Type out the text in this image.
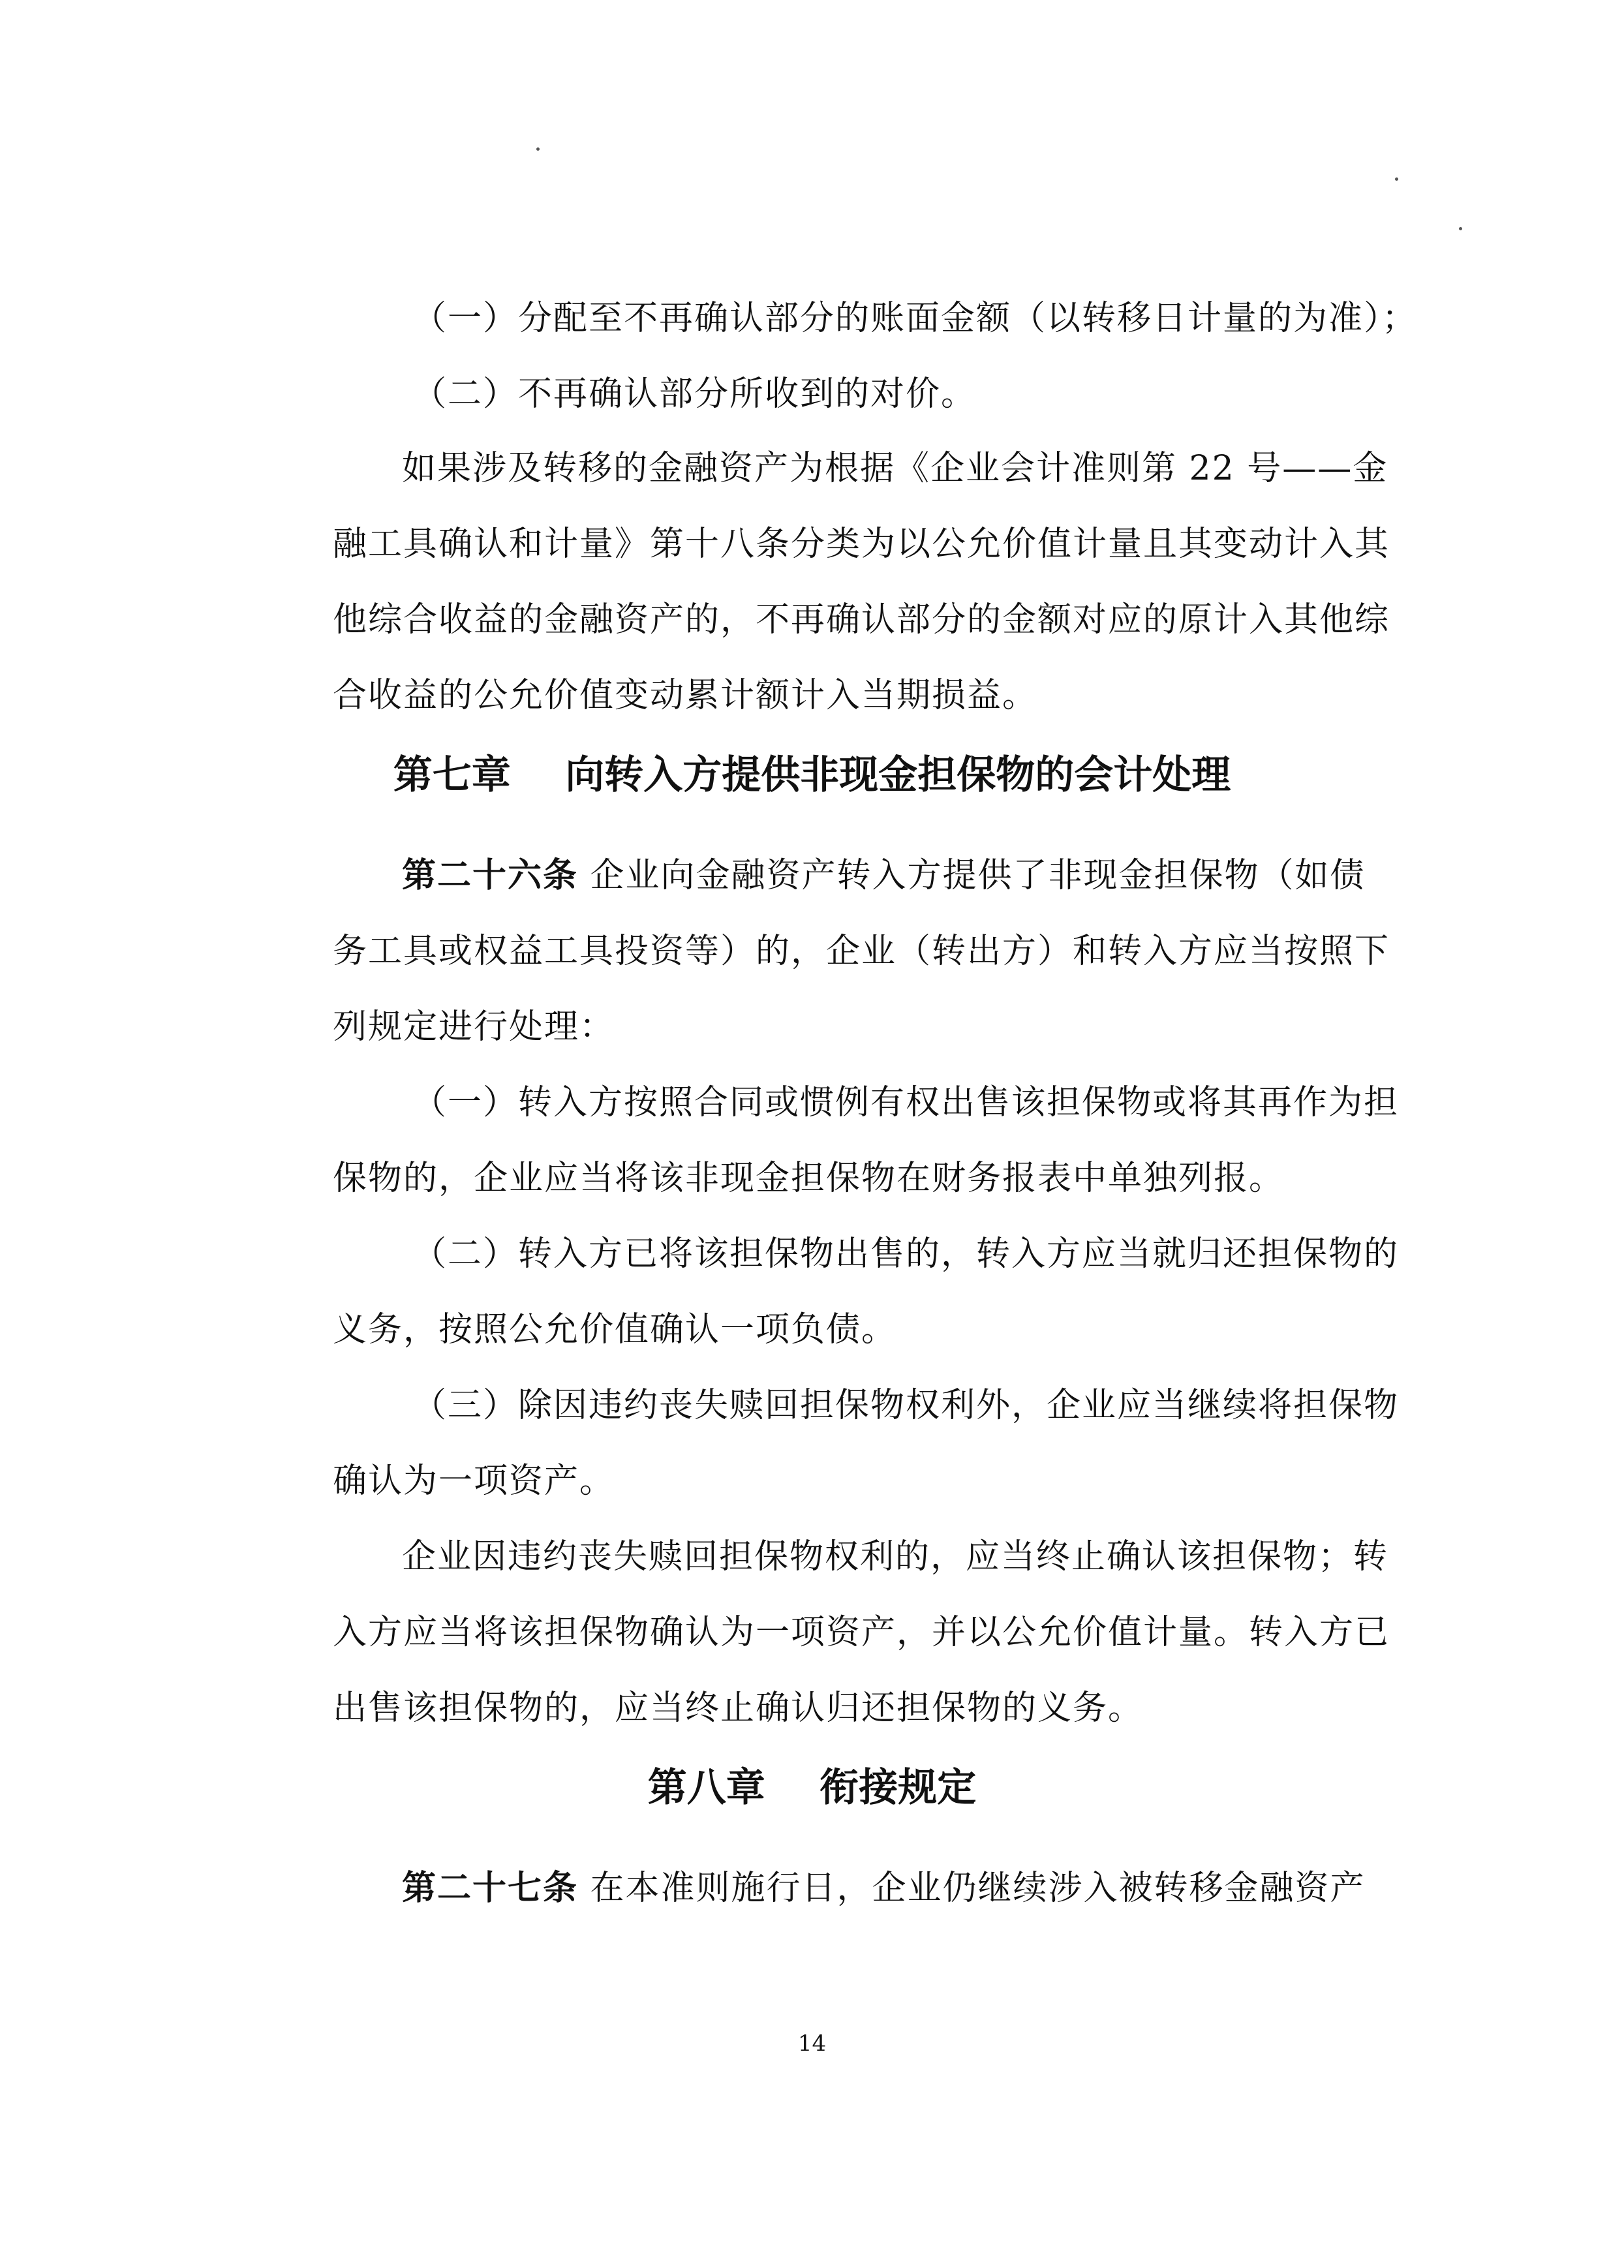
（一）分配至不再确认部分的账面金额（以转移日计量的为准）；
（二）不再确认部分所收到的对价。
如果涉及转移的金融资产为根据《企业会计准则第 22 号——金
融工具确认和计量》第十八条分类为以公允价值计量且其变动计入其
他综合收益的金融资产的，不再确认部分的金额对应的原计入其他综
合收益的公允价值变动累计额计入当期损益。
第七章    向转入方提供非现金担保物的会计处理
第二十六条 企业向金融资产转入方提供了非现金担保物（如债
务工具或权益工具投资等）的，企业（转出方）和转入方应当按照下
列规定进行处理：
（一）转入方按照合同或惯例有权出售该担保物或将其再作为担
保物的，企业应当将该非现金担保物在财务报表中单独列报。
（二）转入方已将该担保物出售的，转入方应当就归还担保物的
义务，按照公允价值确认一项负债。
（三）除因违约丧失赎回担保物权利外，企业应当继续将担保物
确认为一项资产。
企业因违约丧失赎回担保物权利的，应当终止确认该担保物；转
入方应当将该担保物确认为一项资产，并以公允价值计量。转入方已
出售该担保物的，应当终止确认归还担保物的义务。
第八章    衔接规定
第二十七条 在本准则施行日，企业仍继续涉入被转移金融资产
14
